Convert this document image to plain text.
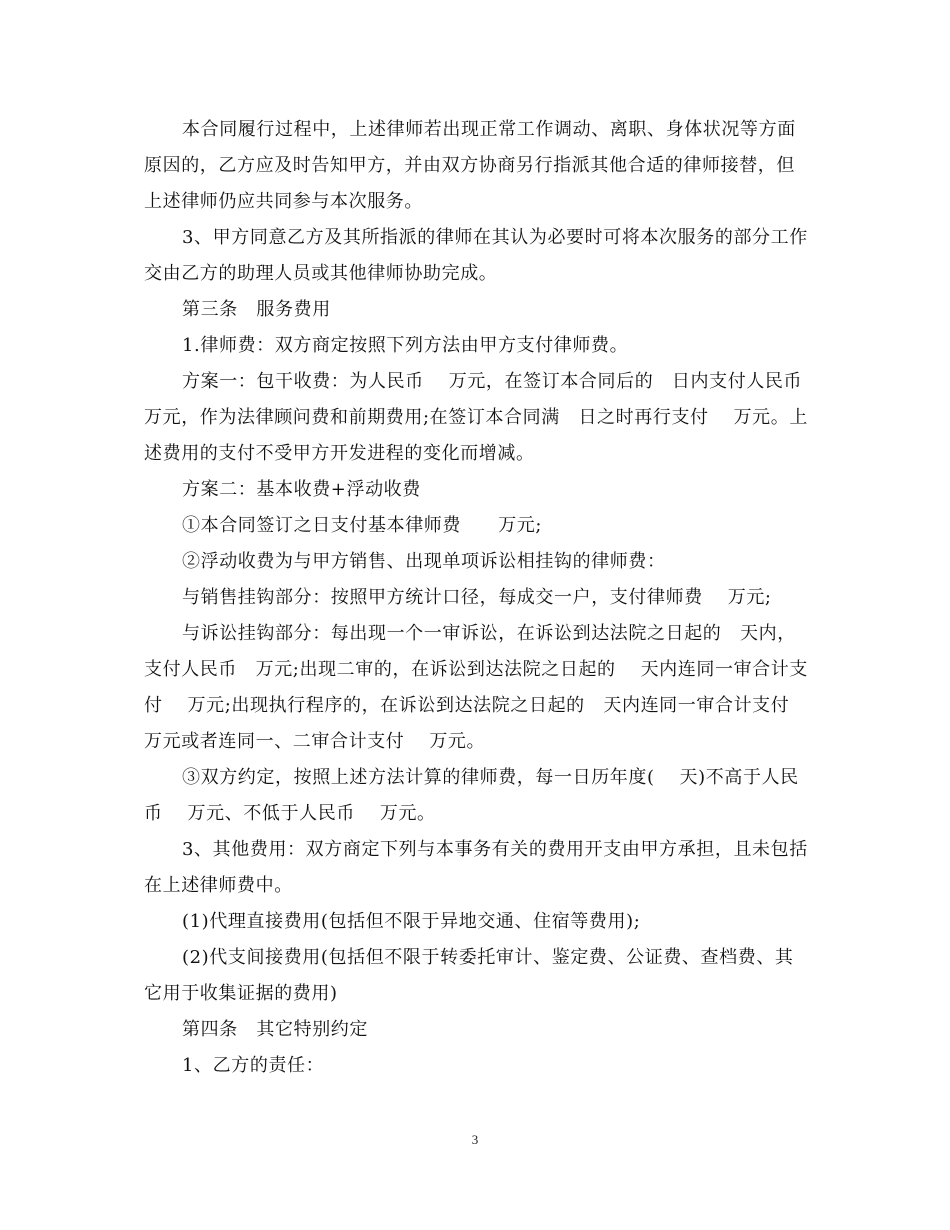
本合同履行过程中，上述律师若出现正常工作调动、离职、身体状况等方面原因的，乙方应及时告知甲方，并由双方协商另行指派其他合适的律师接替，但上述律师仍应共同参与本次服务。

3、甲方同意乙方及其所指派的律师在其认为必要时可将本次服务的部分工作交由乙方的助理人员或其他律师协助完成。

第三条　服务费用

1.律师费：双方商定按照下列方法由甲方支付律师费。

方案一：包干收费：为人民币　 万元，在签订本合同后的　日内支付人民币　万元，作为法律顾问费和前期费用;在签订本合同满　日之时再行支付　 万元。上述费用的支付不受甲方开发进程的变化而增减。

方案二：基本收费+浮动收费

①本合同签订之日支付基本律师费　　万元;

②浮动收费为与甲方销售、出现单项诉讼相挂钩的律师费：

与销售挂钩部分：按照甲方统计口径，每成交一户，支付律师费　 万元;

与诉讼挂钩部分：每出现一个一审诉讼，在诉讼到达法院之日起的　天内，支付人民币　万元;出现二审的，在诉讼到达法院之日起的　 天内连同一审合计支付　 万元;出现执行程序的，在诉讼到达法院之日起的　天内连同一审合计支付　万元或者连同一、二审合计支付　 万元。

③双方约定，按照上述方法计算的律师费，每一日历年度(　 天)不高于人民币　 万元、不低于人民币　 万元。

3、其他费用：双方商定下列与本事务有关的费用开支由甲方承担，且未包括在上述律师费中。

(1)代理直接费用(包括但不限于异地交通、住宿等费用);

(2)代支间接费用(包括但不限于转委托审计、鉴定费、公证费、查档费、其它用于收集证据的费用)

第四条　其它特别约定

1、乙方的责任：

3
